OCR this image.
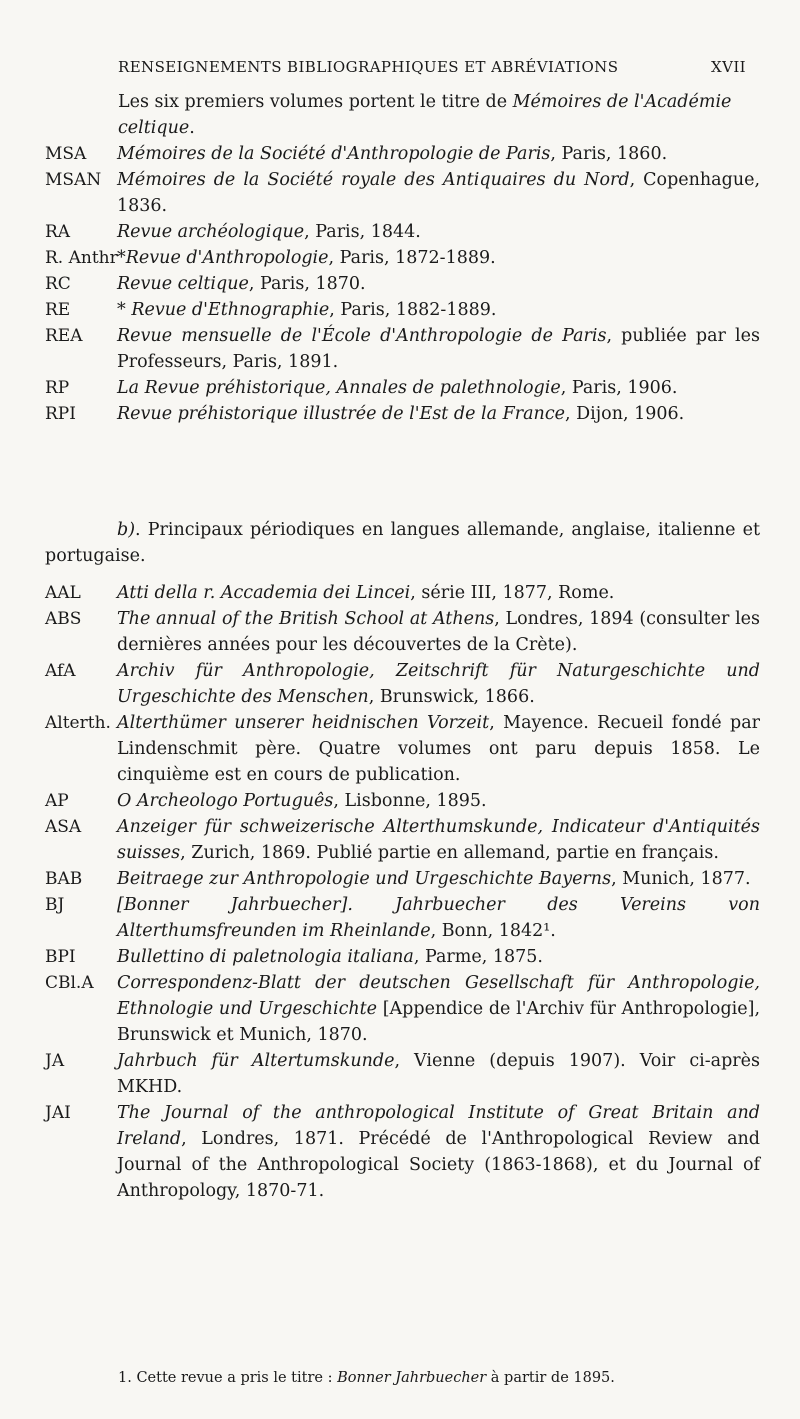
RENSEIGNEMENTS BIBLIOGRAPHIQUES ET ABRÉVIATIONS	XVII
Les six premiers volumes portent le titre de Mémoires de l'Académie celtique.
MSA	Mémoires de la Société d'Anthropologie de Paris, Paris, 1860.
MSAN Mémoires de la Société royale des Antiquaires du Nord, Copenhague, 1836.
RA	Revue archéologique, Paris, 1844.
R. Anthr *Revue d'Anthropologie, Paris, 1872-1889.
RC	Revue celtique, Paris, 1870.
RE	* Revue d'Ethnographie, Paris, 1882-1889.
REA	Revue mensuelle de l'École d'Anthropologie de Paris, publiée par les Professeurs, Paris, 1891.
RP	La Revue préhistorique, Annales de palethnologie, Paris, 1906.
RPI	Revue préhistorique illustrée de l'Est de la France, Dijon, 1906.
b). Principaux périodiques en langues allemande, anglaise, italienne et portugaise.
AAL	Atti della r. Accademia dei Lincei, série III, 1877, Rome.
ABS	The annual of the British School at Athens, Londres, 1894 (consulter les dernières années pour les découvertes de la Crète).
AfA	Archiv für Anthropologie, Zeitschrift für Naturgeschichte und Urgeschichte des Menschen, Brunswick, 1866.
Alterth. Alterthümer unserer heidnischen Vorzeit, Mayence. Recueil fondé par Lindenschmit père. Quatre volumes ont paru depuis 1858. Le cinquième est en cours de publication.
AP	O Archeologo Português, Lisbonne, 1895.
ASA	Anzeiger für schweizerische Alterthumskunde, Indicateur d'Antiquités suisses, Zurich, 1869. Publié partie en allemand, partie en français.
BAB	Beitraege zur Anthropologie und Urgeschichte Bayerns, Munich, 1877.
BJ	[Bonner Jahrbuecher]. Jahrbuecher des Vereins von Alterthumsfreunden im Rheinlande, Bonn, 1842¹.
BPI	Bullettino di paletnologia italiana, Parme, 1875.
CBl.A	Correspondenz-Blatt der deutschen Gesellschaft für Anthropologie, Ethnologie und Urgeschichte [Appendice de l'Archiv für Anthropologie], Brunswick et Munich, 1870.
JA	Jahrbuch für Altertumskunde, Vienne (depuis 1907). Voir ci-après MKHD.
JAI	The Journal of the anthropological Institute of Great Britain and Ireland, Londres, 1871. Précédé de l'Anthropological Review and Journal of the Anthropological Society (1863-1868), et du Journal of Anthropology, 1870-71.
1. Cette revue a pris le titre : Bonner Jahrbuecher à partir de 1895.
